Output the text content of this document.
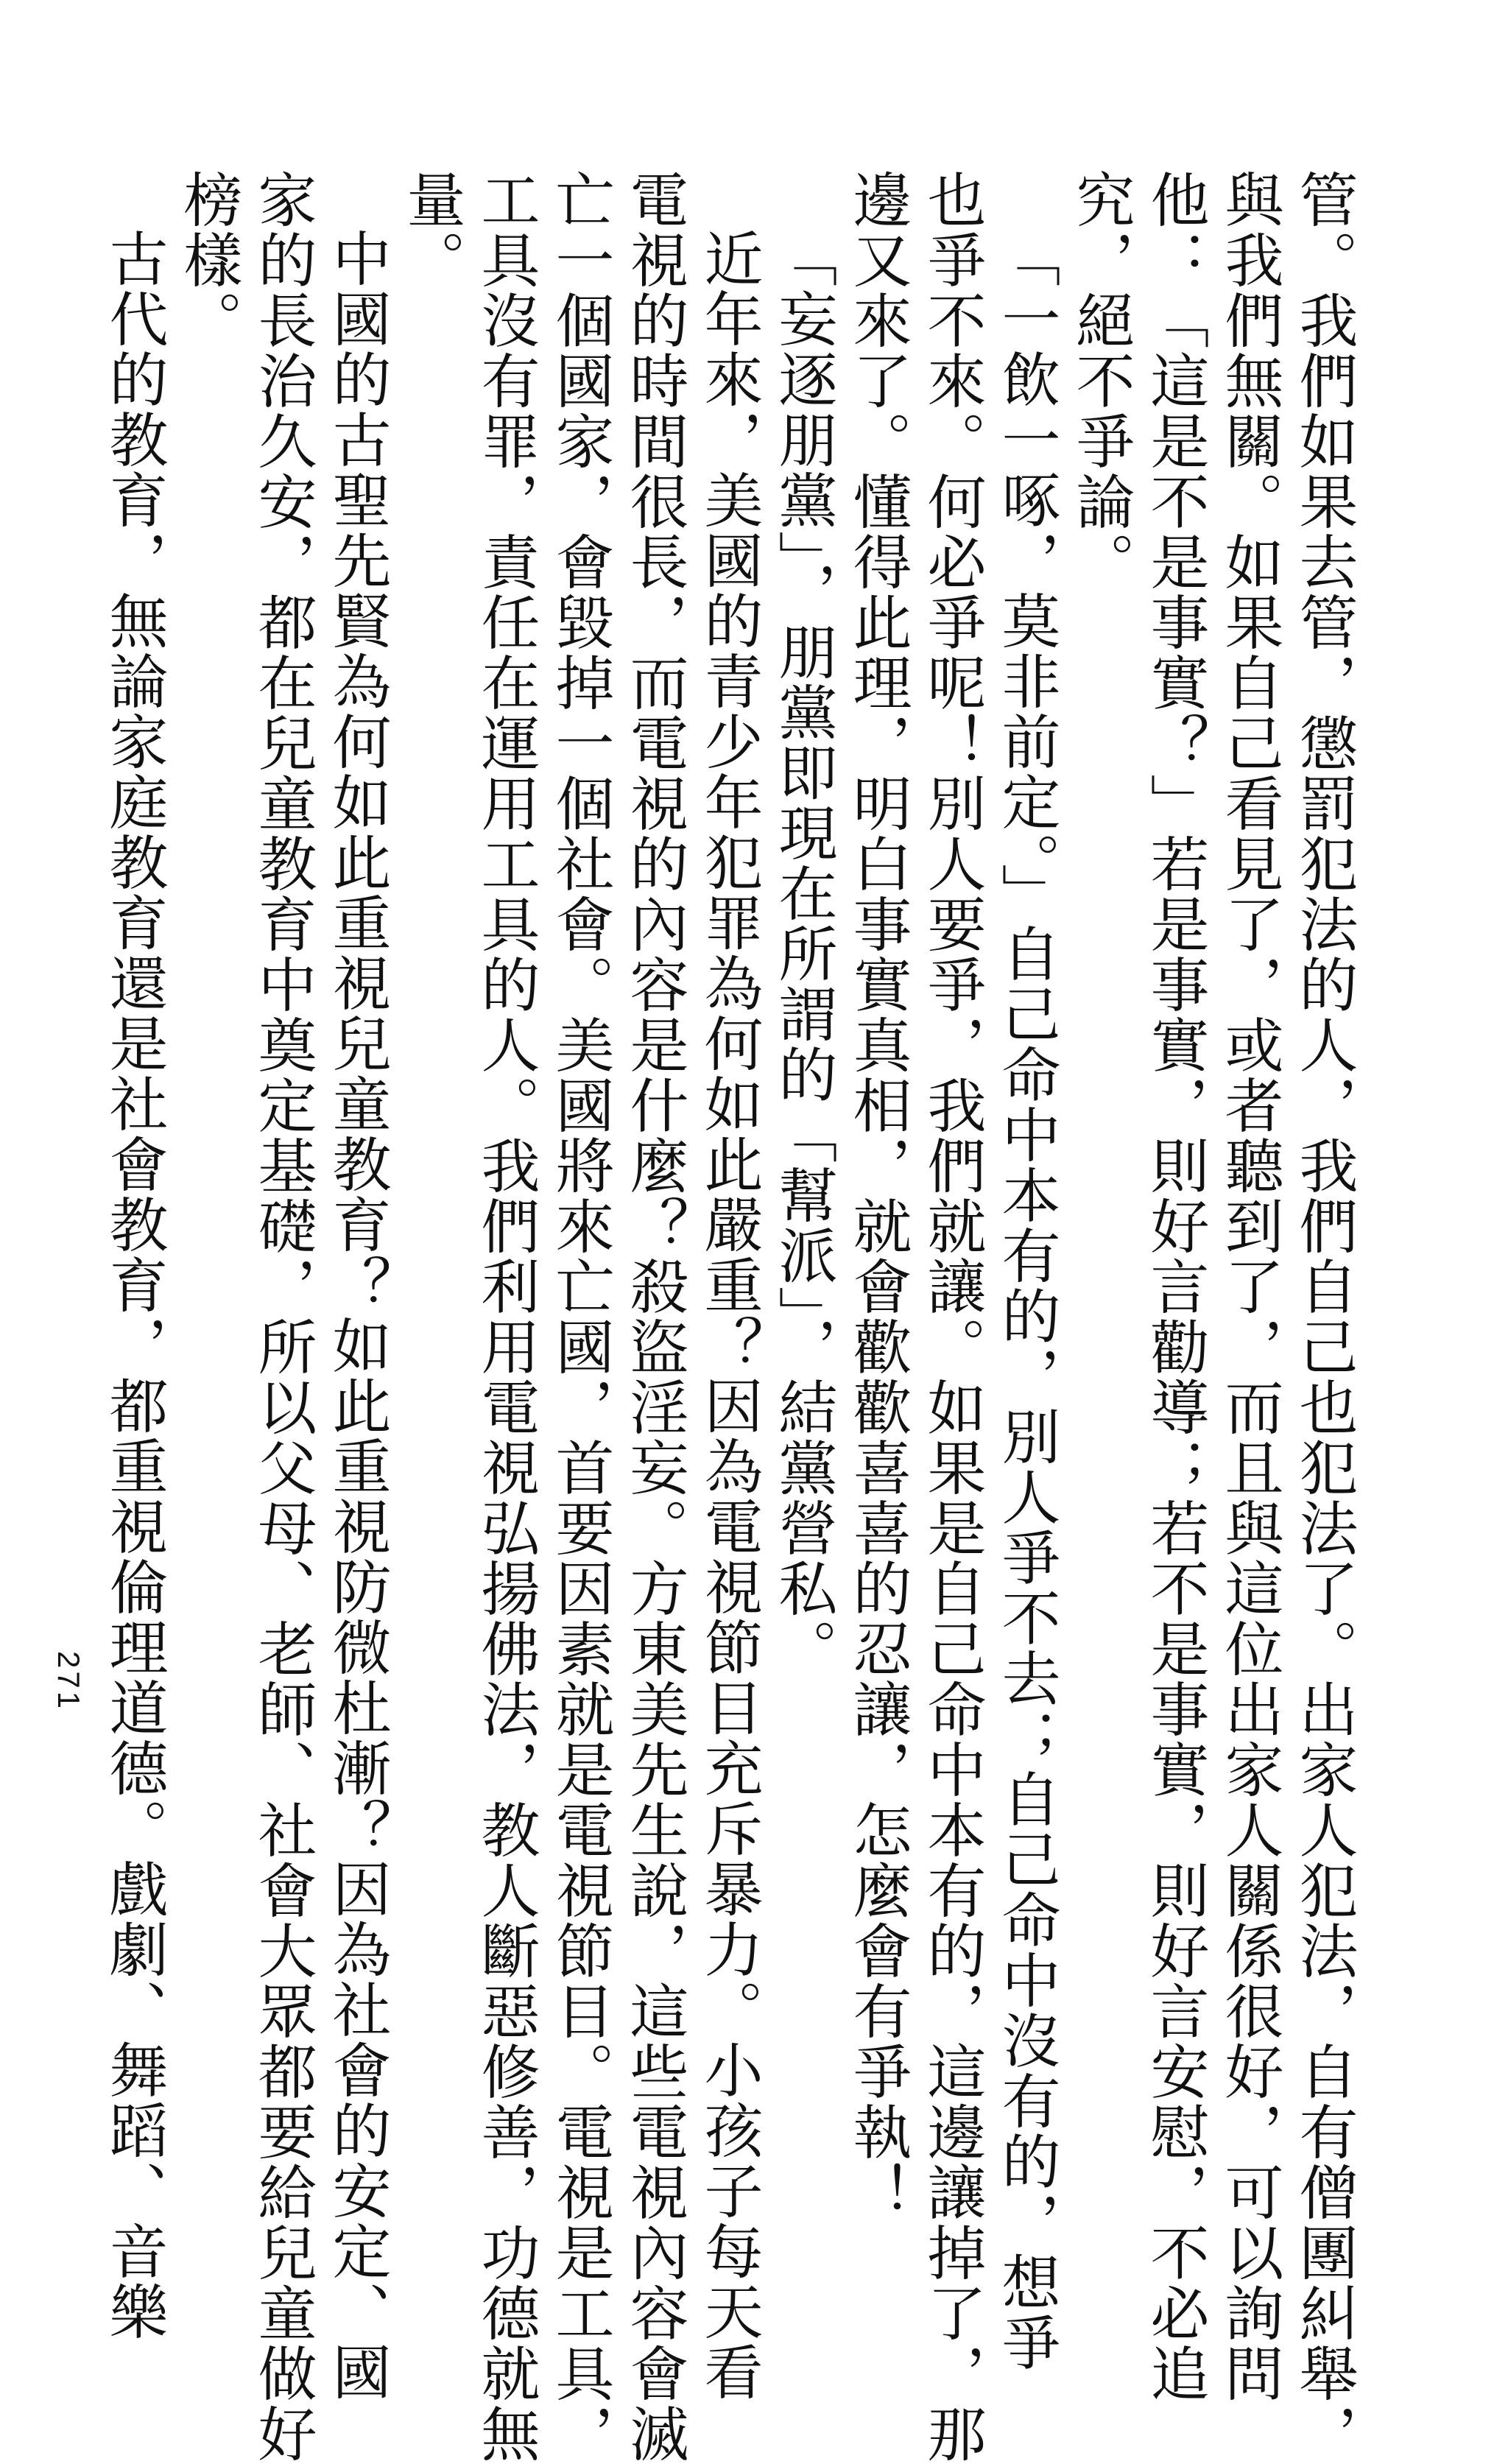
管。我們如果去管，懲罰犯法的人，我們自己也犯法了。出家人犯法，自有僧團糾舉，

與我們無關。如果自己看見了，或者聽到了，而且與這位出家人關係很好，可以詢問

他：「這是不是事實？」若是事實，則好言勸導；若不是事實，則好言安慰，不必追

究，絕不爭論。

「一飲一啄，莫非前定。」自己命中本有的，別人爭不去；自己命中沒有的，想爭

也爭不來。何必爭呢！別人要爭，我們就讓。如果是自己命中本有的，這邊讓掉了，那

邊又來了。懂得此理，明白事實真相，就會歡歡喜喜的忍讓，怎麼會有爭執！

「妄逐朋黨」，朋黨即現在所謂的「幫派」，結黨營私。

近年來，美國的青少年犯罪為何如此嚴重？因為電視節目充斥暴力。小孩子每天看

電視的時間很長，而電視的內容是什麼？殺盜淫妄。方東美先生說，這些電視內容會滅

亡一個國家，會毀掉一個社會。美國將來亡國，首要因素就是電視節目。電視是工具，

工具沒有罪，責任在運用工具的人。我們利用電視弘揚佛法，教人斷惡修善，功德就無

量。

中國的古聖先賢為何如此重視兒童教育？如此重視防微杜漸？因為社會的安定、國

家的長治久安，都在兒童教育中奠定基礎，所以父母、老師、社會大眾都要給兒童做好

榜樣。

古代的教育，無論家庭教育還是社會教育，都重視倫理道德。戲劇、舞蹈、音樂

271
